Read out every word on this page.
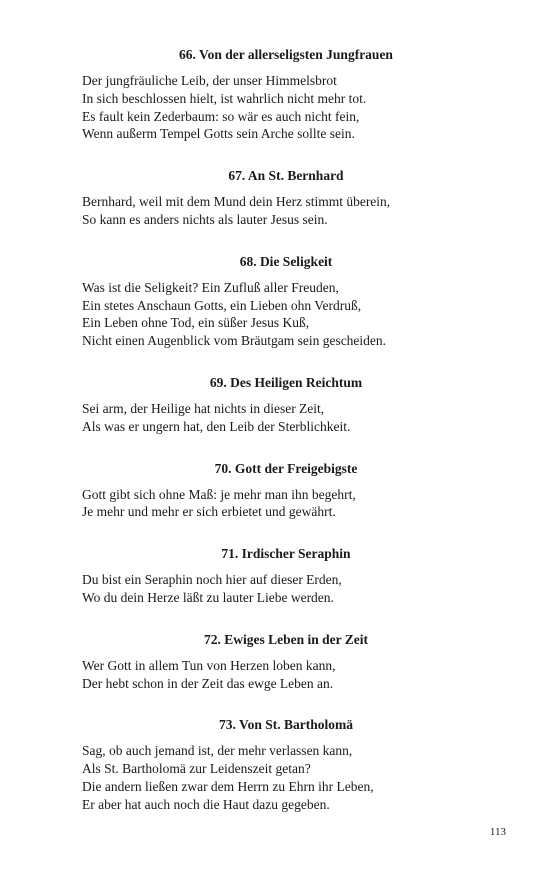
66. Von der allerseligsten Jungfrauen
Der jungfräuliche Leib, der unser Himmelsbrot
In sich beschlossen hielt, ist wahrlich nicht mehr tot.
Es fault kein Zederbaum: so wär es auch nicht fein,
Wenn außerm Tempel Gotts sein Arche sollte sein.
67. An St. Bernhard
Bernhard, weil mit dem Mund dein Herz stimmt überein,
So kann es anders nichts als lauter Jesus sein.
68. Die Seligkeit
Was ist die Seligkeit? Ein Zufluß aller Freuden,
Ein stetes Anschaun Gotts, ein Lieben ohn Verdruß,
Ein Leben ohne Tod, ein süßer Jesus Kuß,
Nicht einen Augenblick vom Bräutgam sein gescheiden.
69. Des Heiligen Reichtum
Sei arm, der Heilige hat nichts in dieser Zeit,
Als was er ungern hat, den Leib der Sterblichkeit.
70. Gott der Freigebigste
Gott gibt sich ohne Maß: je mehr man ihn begehrt,
Je mehr und mehr er sich erbietet und gewährt.
71. Irdischer Seraphin
Du bist ein Seraphin noch hier auf dieser Erden,
Wo du dein Herze läßt zu lauter Liebe werden.
72. Ewiges Leben in der Zeit
Wer Gott in allem Tun von Herzen loben kann,
Der hebt schon in der Zeit das ewge Leben an.
73. Von St. Bartholomä
Sag, ob auch jemand ist, der mehr verlassen kann,
Als St. Bartholomä zur Leidenszeit getan?
Die andern ließen zwar dem Herrn zu Ehrn ihr Leben,
Er aber hat auch noch die Haut dazu gegeben.
113
